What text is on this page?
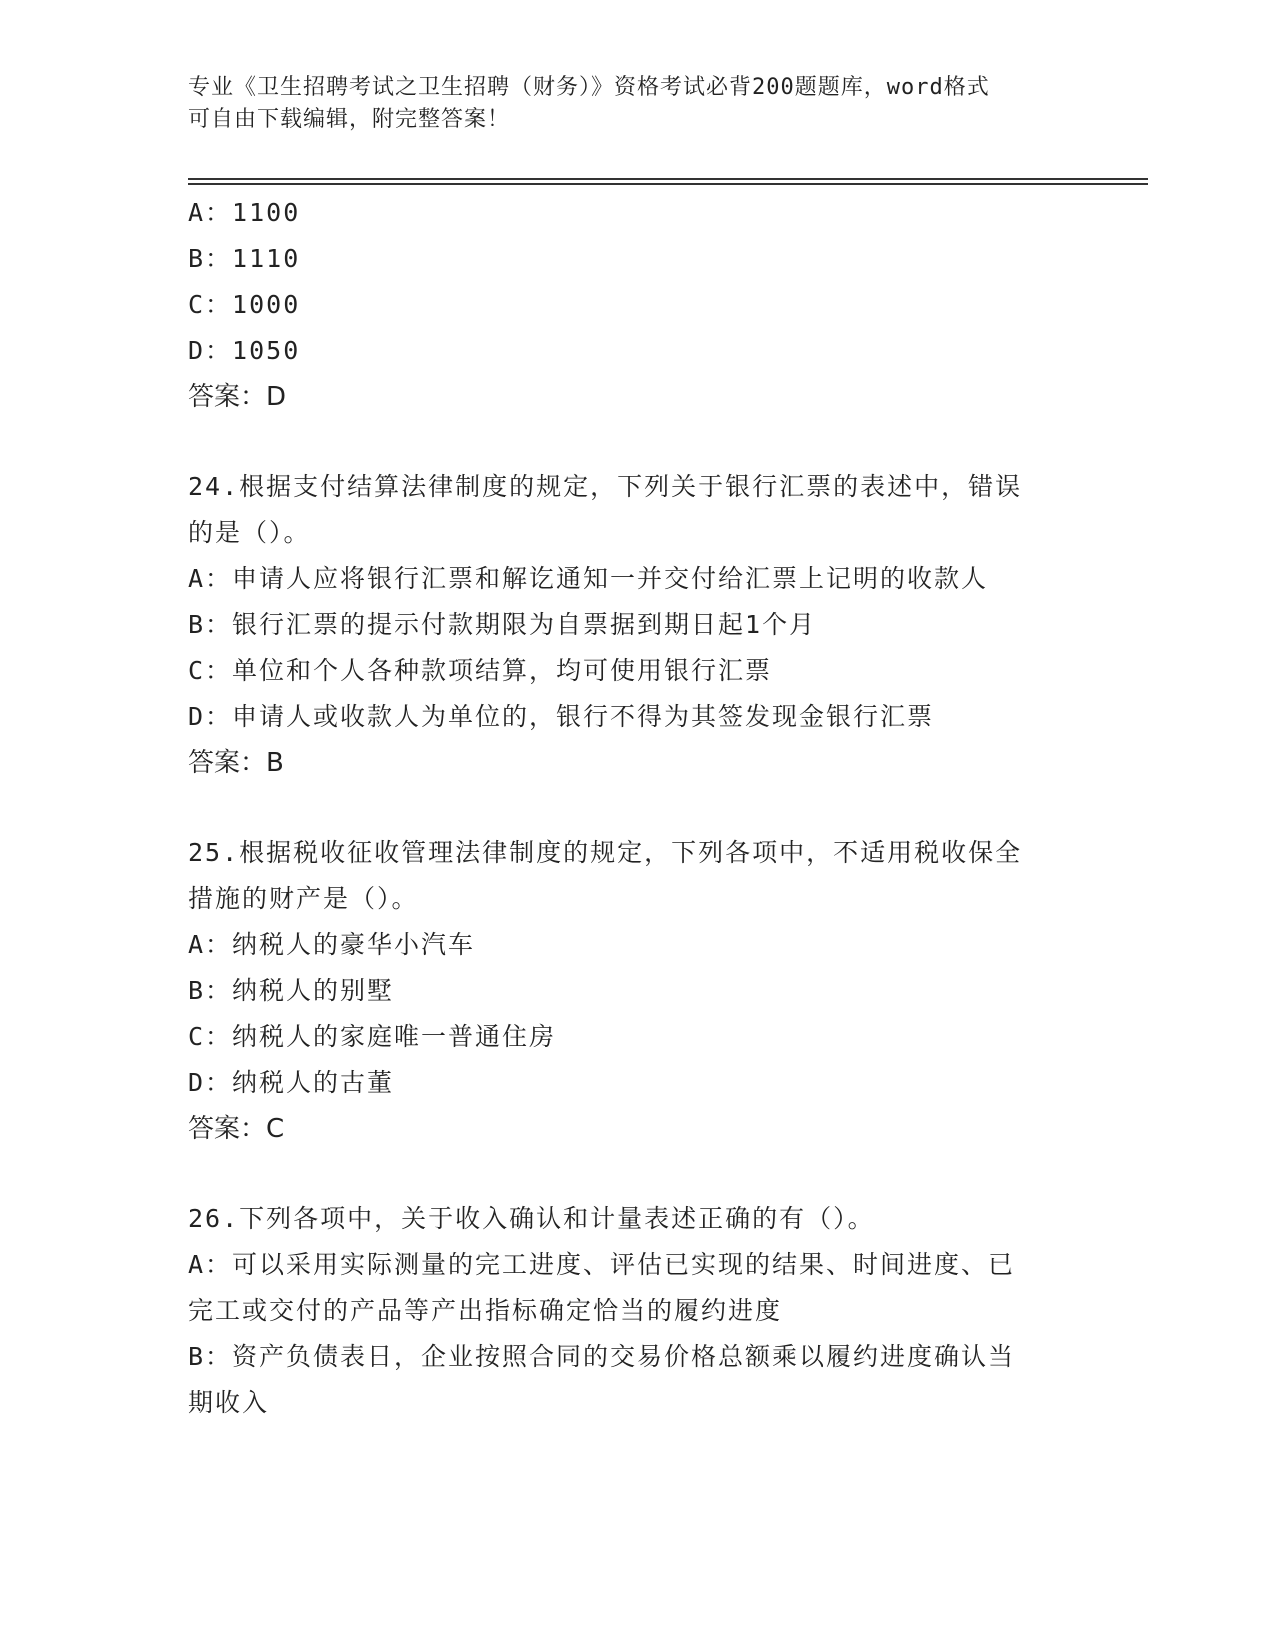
专业《卫生招聘考试之卫生招聘（财务）》资格考试必背200题题库，word格式
可自由下载编辑，附完整答案！
A：1100
B：1110
C：1000
D：1050
答案：D
24.根据支付结算法律制度的规定，下列关于银行汇票的表述中，错误
的是（）。
A：申请人应将银行汇票和解讫通知一并交付给汇票上记明的收款人
B：银行汇票的提示付款期限为自票据到期日起1个月
C：单位和个人各种款项结算，均可使用银行汇票
D：申请人或收款人为单位的，银行不得为其签发现金银行汇票
答案：B
25.根据税收征收管理法律制度的规定，下列各项中，不适用税收保全
措施的财产是（）。
A：纳税人的豪华小汽车
B：纳税人的别墅
C：纳税人的家庭唯一普通住房
D：纳税人的古董
答案：C
26.下列各项中，关于收入确认和计量表述正确的有（）。
A：可以采用实际测量的完工进度、评估已实现的结果、时间进度、已
完工或交付的产品等产出指标确定恰当的履约进度
B：资产负债表日，企业按照合同的交易价格总额乘以履约进度确认当
期收入
